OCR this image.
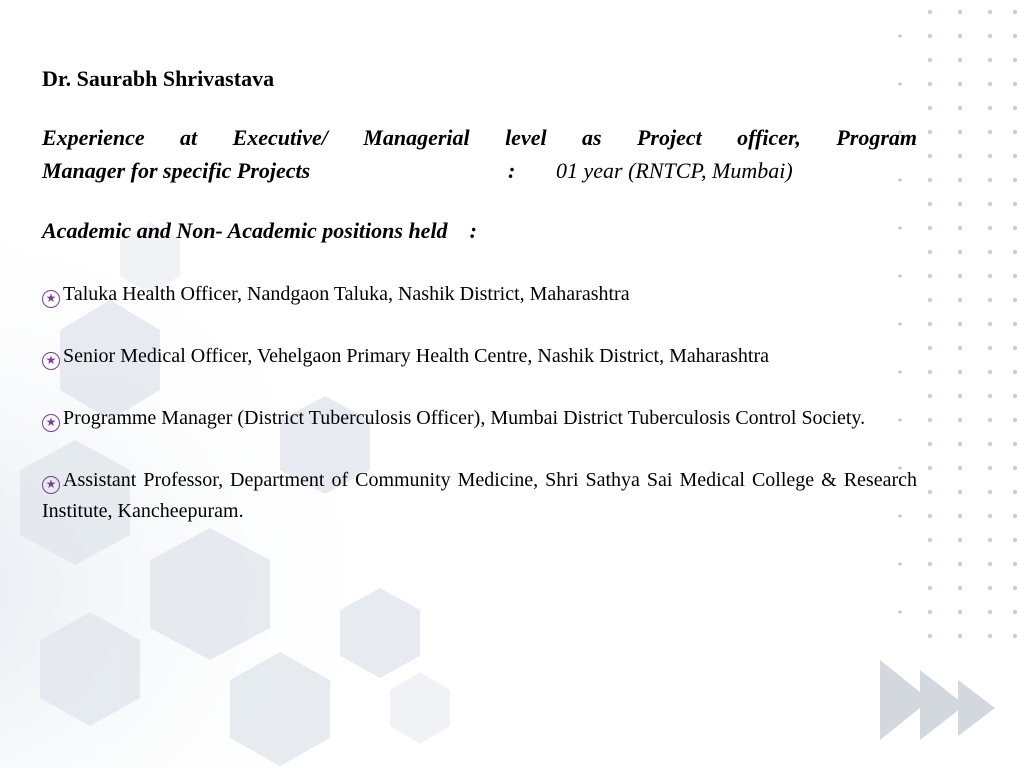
Dr. Saurabh Shrivastava
Experience at Executive/ Managerial level as Project officer, Program
Manager for specific Projects	: 01 year (RNTCP, Mumbai)
Academic and Non- Academic positions held :
★ Taluka Health Officer, Nandgaon Taluka, Nashik District, Maharashtra
★ Senior Medical Officer, Vehelgaon Primary Health Centre, Nashik District, Maharashtra
★ Programme Manager (District Tuberculosis Officer), Mumbai District Tuberculosis Control Society.
★ Assistant Professor, Department of Community Medicine, Shri Sathya Sai Medical College & Research Institute, Kancheepuram.
